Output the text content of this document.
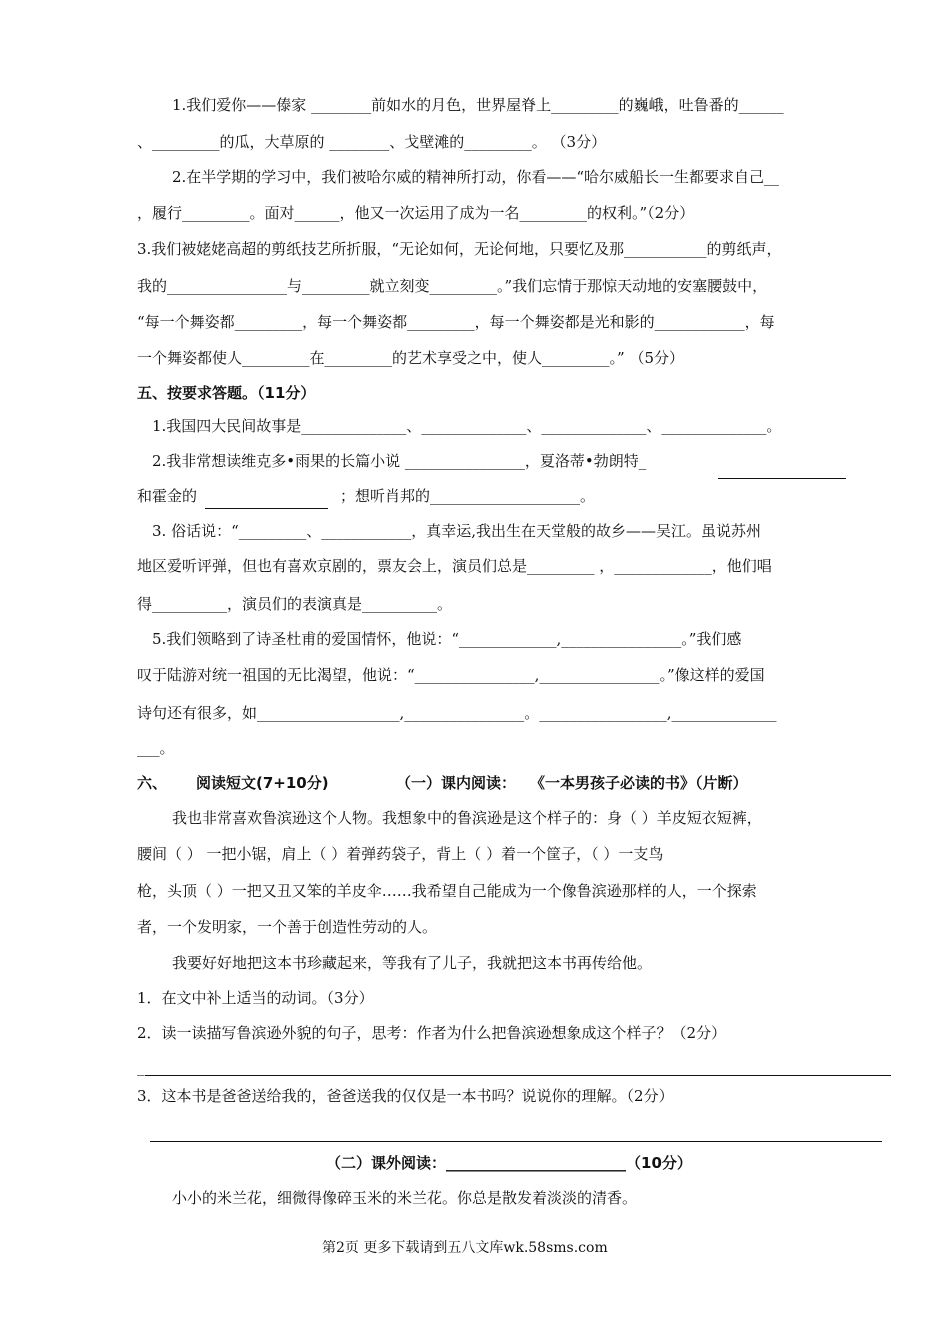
1.我们爱你——傣家 ________前如水的月色，世界屋脊上_________的巍峨，吐鲁番的______
、_________的瓜，大草原的 ________、戈壁滩的_________。 （3分）
2.在半学期的学习中，我们被哈尔威的精神所打动，你看——“哈尔威船长一生都要求自己__
，履行_________。面对______，他又一次运用了成为一名_________的权利。”（2分）
3.我们被姥姥高超的剪纸技艺所折服，“无论如何，无论何地，只要忆及那___________的剪纸声，
我的________________与_________就立刻变_________。”我们忘情于那惊天动地的安塞腰鼓中，
“每一个舞姿都_________，每一个舞姿都_________，每一个舞姿都是光和影的____________，每
一个舞姿都使人_________在_________的艺术享受之中，使人_________。” （5分）
五、按要求答题。（11分）
1.我国四大民间故事是______________、______________、______________、______________。
2.我非常想读维克多•雨果的长篇小说 ________________，夏洛蒂•勃朗特_
和霍金的	；想听肖邦的____________________。
3. 俗话说：“_________、____________，真幸运,我出生在天堂般的故乡——吴江。虽说苏州
地区爱听评弹，但也有喜欢京剧的，票友会上，演员们总是_________ ，_____________，他们唱
得__________，演员们的表演真是__________。
5.我们领略到了诗圣杜甫的爱国情怀，他说：“_____________,________________。”我们感
叹于陆游对统一祖国的无比渴望，他说：“________________,________________。”像这样的爱国
诗句还有很多，如___________________,________________。_________________,______________
___。
六、 阅读短文(7+10分)	（一）课内阅读： 《一本男孩子必读的书》（片断）
我也非常喜欢鲁滨逊这个人物。我想象中的鲁滨逊是这个样子的：身（ ）羊皮短衣短裤，
腰间（ ） 一把小锯，肩上（ ）着弹药袋子，背上（ ）着一个筐子，（ ）一支鸟
枪，头顶（ ）一把又丑又笨的羊皮伞……我希望自己能成为一个像鲁滨逊那样的人，一个探索
者，一个发明家，一个善于创造性劳动的人。
我要好好地把这本书珍藏起来，等我有了儿子，我就把这本书再传给他。
1．在文中补上适当的动词。（3分）
2．读一读描写鲁滨逊外貌的句子，思考：作者为什么把鲁滨逊想象成这个样子？（2分）
_
3．这本书是爸爸送给我的，爸爸送我的仅仅是一本书吗？说说你的理解。（2分）
（二）课外阅读：________________________（10分）
小小的米兰花，细微得像碎玉米的米兰花。你总是散发着淡淡的清香。
第2页 更多下载请到五八文库wk.58sms.com
